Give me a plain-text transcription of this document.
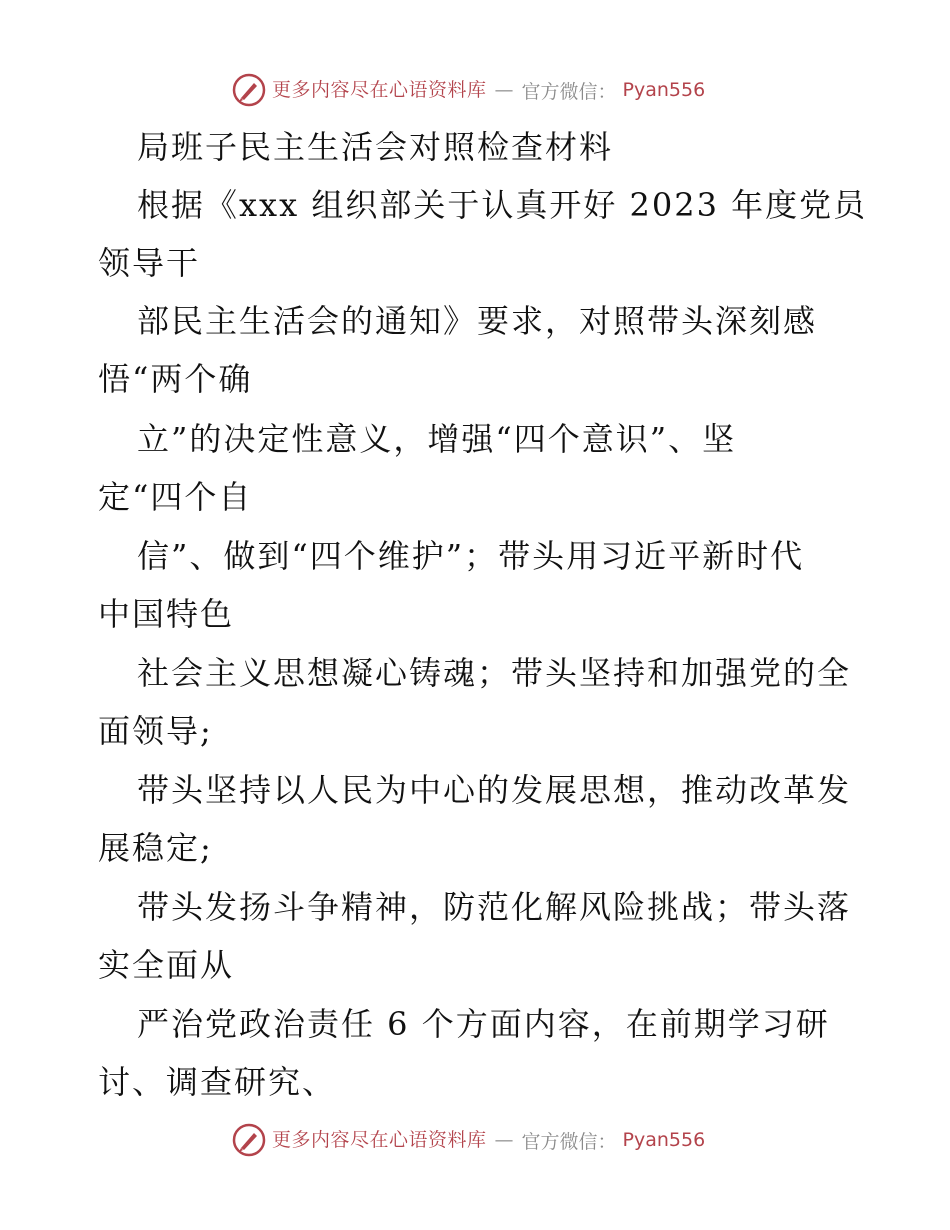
更多内容尽在心语资料库 — 官方微信： Pyan556
局班子民主生活会对照检查材料
根据《xxx 组织部关于认真开好 2023 年度党员
领导干
部民主生活会的通知》要求，对照带头深刻感
悟“两个确
立”的决定性意义，增强“四个意识”、坚
定“四个自
信”、做到“四个维护”；带头用习近平新时代
中国特色
社会主义思想凝心铸魂；带头坚持和加强党的全
面领导;
带头坚持以人民为中心的发展思想，推动改革发
展稳定;
带头发扬斗争精神，防范化解风险挑战；带头落
实全面从
严治党政治责任 6 个方面内容，在前期学习研
讨、调查研究、
更多内容尽在心语资料库 — 官方微信： Pyan556
